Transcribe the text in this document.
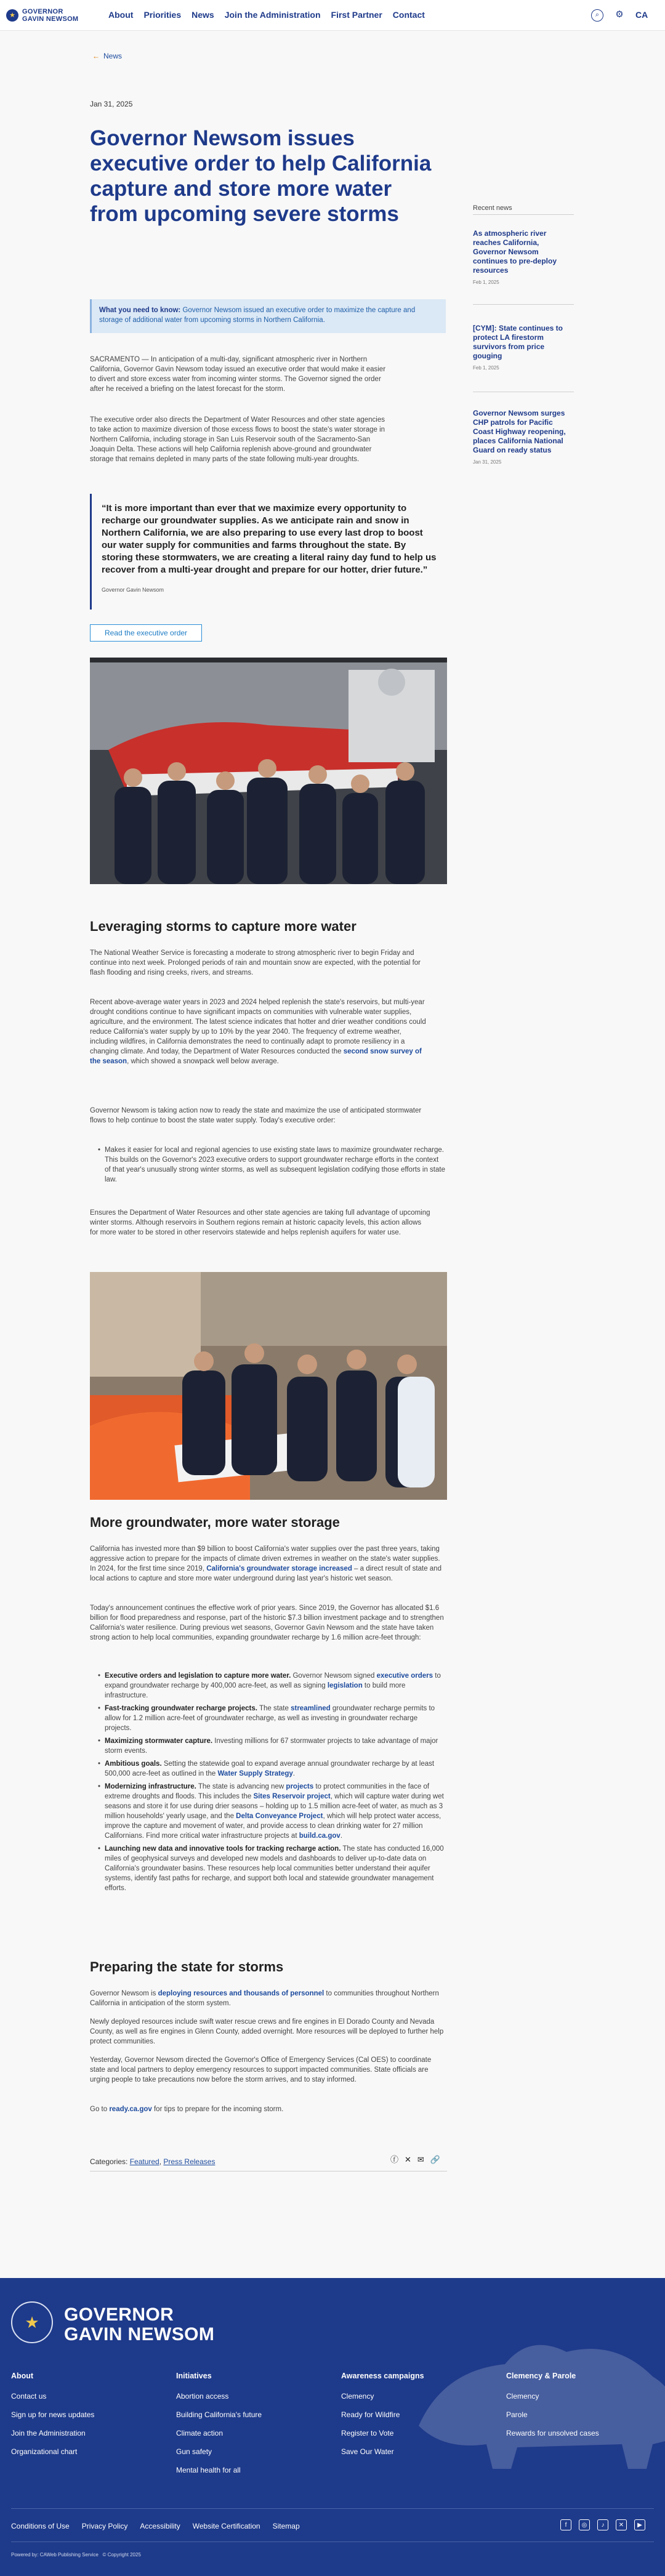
★	GOVERNOR
GAVIN NEWSOM	About Priorities News Join the Administration First Partner Contact	⌕	⚙ CA
← News
Jan 31, 2025
Governor Newsom issues executive order to help California capture and store more water from upcoming severe storms
What you need to know: Governor Newsom issued an executive order to maximize the capture and storage of additional water from upcoming storms in Northern California.

SACRAMENTO — In anticipation of a multi-day, significant atmospheric river in Northern California, Governor Gavin Newsom today issued an executive order that would make it easier to divert and store excess water from incoming winter storms. The Governor signed the order after he received a briefing on the latest forecast for the storm.

The executive order also directs the Department of Water Resources and other state agencies to take action to maximize diversion of those excess flows to boost the state's water storage in Northern California, including storage in San Luis Reservoir south of the Sacramento-San Joaquin Delta. These actions will help California replenish above-ground and groundwater storage that remains depleted in many parts of the state following multi-year droughts.

“It is more important than ever that we maximize every opportunity to recharge our groundwater supplies. As we anticipate rain and snow in Northern California, we are also preparing to use every last drop to boost our water supply for communities and farms throughout the state. By storing these stormwaters, we are creating a literal rainy day fund to help us recover from a multi-year drought and prepare for our hotter, drier future.”
Governor Gavin Newsom
Read the executive order
Leveraging storms to capture more water

The National Weather Service is forecasting a moderate to strong atmospheric river to begin Friday and continue into next week. Prolonged periods of rain and mountain snow are expected, with the potential for flash flooding and rising creeks, rivers, and streams.

Recent above-average water years in 2023 and 2024 helped replenish the state's reservoirs, but multi-year drought conditions continue to have significant impacts on communities with vulnerable water supplies, agriculture, and the environment. The latest science indicates that hotter and drier weather conditions could reduce California's water supply by up to 10% by the year 2040. The frequency of extreme weather, including wildfires, in California demonstrates the need to continually adapt to promote resiliency in a changing climate. And today, the Department of Water Resources conducted the second snow survey of the season, which showed a snowpack well below average.

Governor Newsom is taking action now to ready the state and maximize the use of anticipated stormwater flows to help continue to boost the state water supply. Today's executive order:

• Makes it easier for local and regional agencies to use existing state laws to maximize groundwater recharge. This builds on the Governor's 2023 executive orders to support groundwater recharge efforts in the context of that year's unusually strong winter storms, as well as subsequent legislation codifying those efforts in state law.

Ensures the Department of Water Resources and other state agencies are taking full advantage of upcoming winter storms. Although reservoirs in Southern regions remain at historic capacity levels, this action allows for more water to be stored in other reservoirs statewide and helps replenish aquifers for water use.

More groundwater, more water storage

California has invested more than $9 billion to boost California's water supplies over the past three years, taking aggressive action to prepare for the impacts of climate driven extremes in weather on the state's water supplies. In 2024, for the first time since 2019, California's groundwater storage increased – a direct result of state and local actions to capture and store more water underground during last year's historic wet season.

Today's announcement continues the effective work of prior years. Since 2019, the Governor has allocated $1.6 billion for flood preparedness and response, part of the historic $7.3 billion investment package and to strengthen California's water resilience. During previous wet seasons, Governor Gavin Newsom and the state have taken strong action to help local communities, expanding groundwater recharge by 1.6 million acre-feet through:

• Executive orders and legislation to capture more water. Governor Newsom signed executive orders to expand groundwater recharge by 400,000 acre-feet, as well as signing legislation to build more infrastructure.
• Fast-tracking groundwater recharge projects. The state streamlined groundwater recharge permits to allow for 1.2 million acre-feet of groundwater recharge, as well as investing in groundwater recharge projects.
• Maximizing stormwater capture. Investing millions for 67 stormwater projects to take advantage of major storm events.
• Ambitious goals. Setting the statewide goal to expand average annual groundwater recharge by at least 500,000 acre-feet as outlined in the Water Supply Strategy.
• Modernizing infrastructure. The state is advancing new projects to protect communities in the face of extreme droughts and floods. This includes the Sites Reservoir project, which will capture water during wet seasons and store it for use during drier seasons – holding up to 1.5 million acre-feet of water, as much as 3 million households' yearly usage, and the Delta Conveyance Project, which will help protect water access, improve the capture and movement of water, and provide access to clean drinking water for 27 million Californians. Find more critical water infrastructure projects at build.ca.gov.
• Launching new data and innovative tools for tracking recharge action. The state has conducted 16,000 miles of geophysical surveys and developed new models and dashboards to deliver up-to-date data on California's groundwater basins. These resources help local communities better understand their aquifer systems, identify fast paths for recharge, and support both local and statewide groundwater management efforts.
Preparing the state for storms

Governor Newsom is deploying resources and thousands of personnel to communities throughout Northern California in anticipation of the storm system.

Newly deployed resources include swift water rescue crews and fire engines in El Dorado County and Nevada County, as well as fire engines in Glenn County, added overnight. More resources will be deployed to further help protect communities.

Yesterday, Governor Newsom directed the Governor's Office of Emergency Services (Cal OES) to coordinate state and local partners to deploy emergency resources to support impacted communities. State officials are urging people to take precautions now before the storm arrives, and to stay informed.

Go to ready.ca.gov for tips to prepare for the incoming storm.

Categories: Featured, Press Releases	ⓕ ✕ ✉ 🔗
Recent news
As atmospheric river reaches California, Governor Newsom continues to pre-deploy resources
Feb 1, 2025
[CYM]: State continues to protect LA firestorm survivors from price gouging
Feb 1, 2025
Governor Newsom surges CHP patrols for Pacific Coast Highway reopening, places California National Guard on ready status
Jan 31, 2025
★	GOVERNOR
GAVIN NEWSOM
About
Contact us
Sign up for news updates
Join the Administration
Organizational chart
Initiatives
Abortion access
Building California's future
Climate action
Gun safety
Mental health for all
Awareness campaigns
Clemency
Ready for Wildfire
Register to Vote
Save Our Water
Clemency & Parole
Clemency
Parole
Rewards for unsolved cases
Conditions of Use Privacy Policy Accessibility Website Certification Sitemap	f	◎	♪	✕	▶
Powered by: CAWeb Publishing Service © Copyright 2025
